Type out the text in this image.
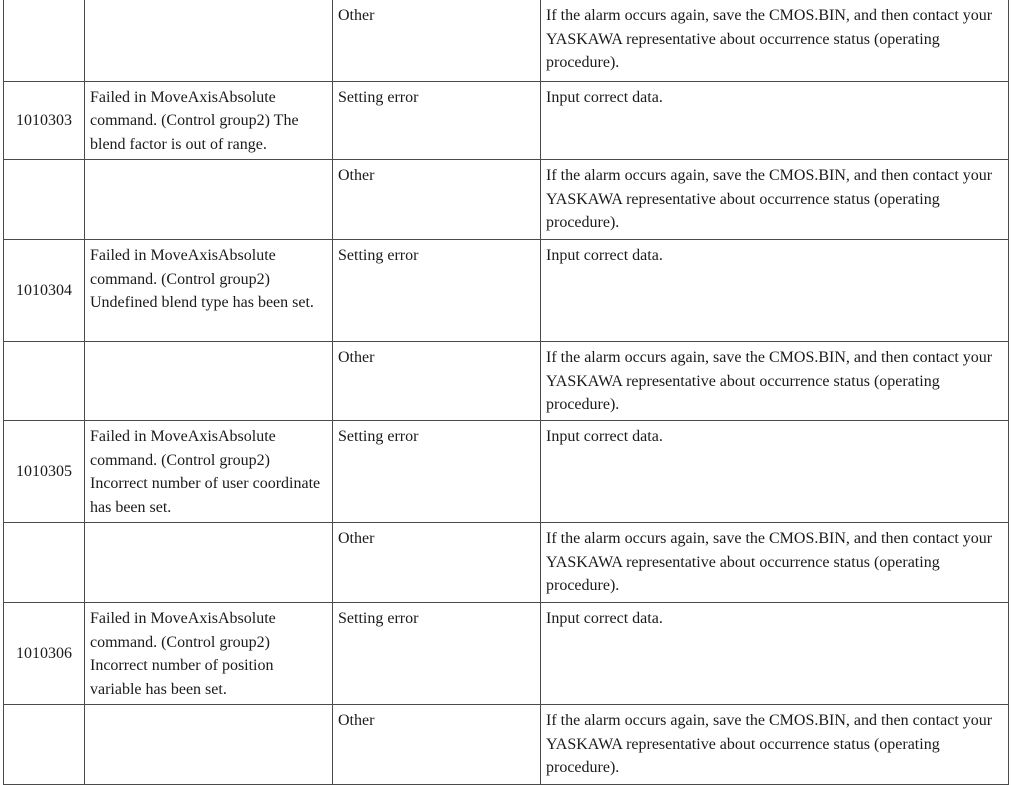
		Other	If the alarm occurs again, save the CMOS.BIN, and then contact your YASKAWA representative about occurrence status (operating procedure).
1010303	Failed in MoveAxisAbsolute command. (Control group2) The blend factor is out of range.	Setting error	Input correct data.
		Other	If the alarm occurs again, save the CMOS.BIN, and then contact your YASKAWA representative about occurrence status (operating procedure).
1010304	Failed in MoveAxisAbsolute command. (Control group2) Undefined blend type has been set.	Setting error	Input correct data.
		Other	If the alarm occurs again, save the CMOS.BIN, and then contact your YASKAWA representative about occurrence status (operating procedure).
1010305	Failed in MoveAxisAbsolute command. (Control group2) Incorrect number of user coordinate has been set.	Setting error	Input correct data.
		Other	If the alarm occurs again, save the CMOS.BIN, and then contact your YASKAWA representative about occurrence status (operating procedure).
1010306	Failed in MoveAxisAbsolute command. (Control group2) Incorrect number of position variable has been set.	Setting error	Input correct data.
		Other	If the alarm occurs again, save the CMOS.BIN, and then contact your YASKAWA representative about occurrence status (operating procedure).
